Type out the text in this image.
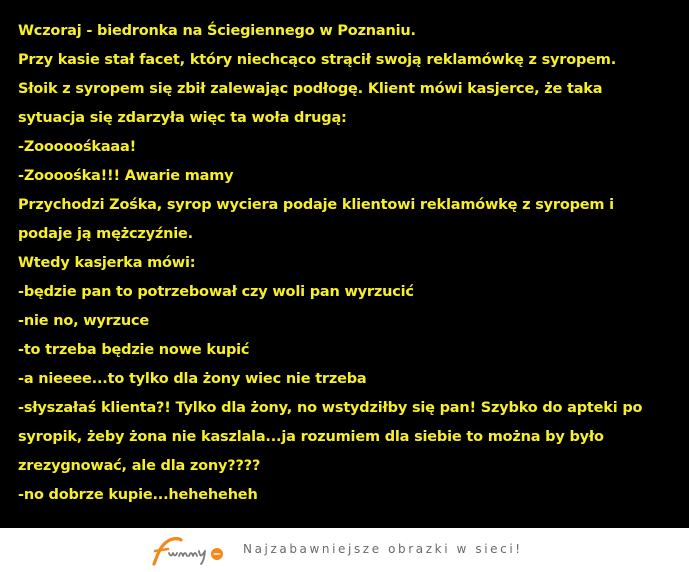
Wczoraj - biedronka na Ściegiennego w Poznaniu.
Przy kasie stał facet, który niechcąco strącił swoją reklamówkę z syropem.
Słoik z syropem się zbił zalewając podłogę. Klient mówi kasjerce, że taka
sytuacja się zdarzyła więc ta woła drugą:
-Zooooośkaaa!
-Zoooośka!!! Awarie mamy
Przychodzi Zośka, syrop wyciera podaje klientowi reklamówkę z syropem i
podaje ją mężczyźnie.
Wtedy kasjerka mówi:
-będzie pan to potrzebował czy woli pan wyrzucić
-nie no, wyrzuce
-to trzeba będzie nowe kupić
-a nieeee...to tylko dla żony wiec nie trzeba
-słyszałaś klienta?! Tylko dla żony, no wstydziłby się pan! Szybko do apteki po
syropik, żeby żona nie kaszlala...ja rozumiem dla siebie to można by było
zrezygnować, ale dla zony????
-no dobrze kupie...heheheheh
Najzabawniejsze obrazki w sieci!
